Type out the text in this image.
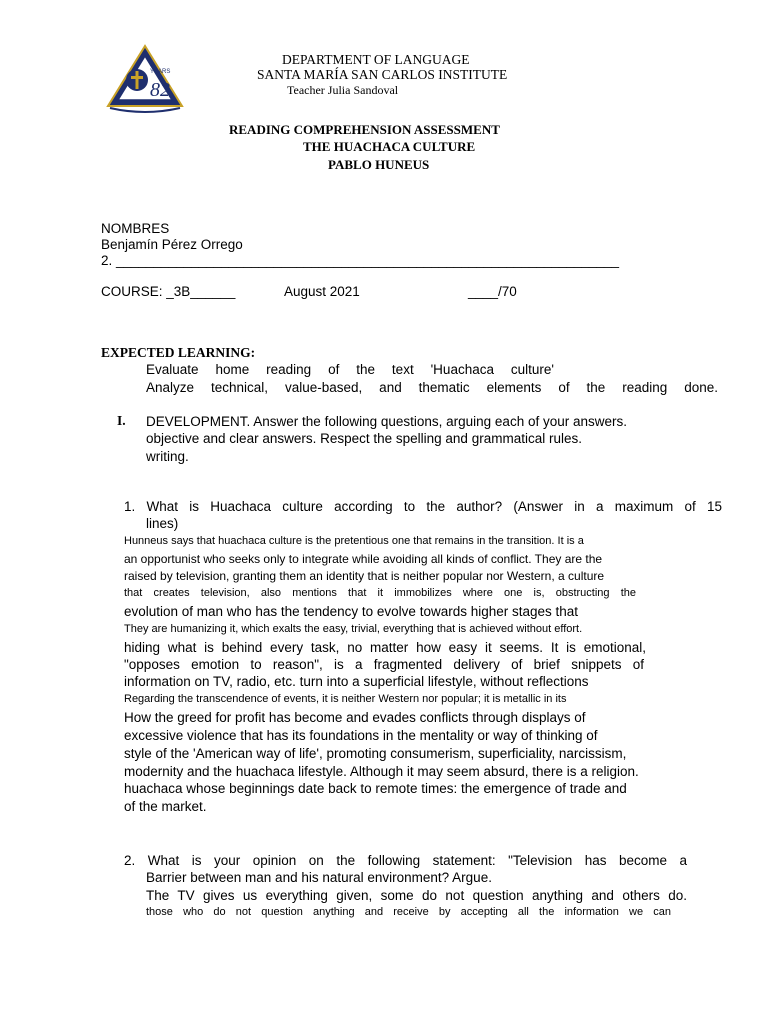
YEARS
82
DEPARTMENT OF LANGUAGE
SANTA MARÍA SAN CARLOS INSTITUTE
Teacher Julia Sandoval
READING COMPREHENSION ASSESSMENT
THE HUACHACA CULTURE
PABLO HUNEUS
NOMBRES
Benjamín Pérez Orrego
2. ___________________________________________________________________
COURSE: _3B______	August 2021	____/70
EXPECTED LEARNING:
Evaluate home reading of the text 'Huachaca culture'
Analyze technical, value-based, and thematic elements of the reading done.
I. DEVELOPMENT. Answer the following questions, arguing each of your answers.
objective and clear answers. Respect the spelling and grammatical rules.
writing.
1. What is Huachaca culture according to the author? (Answer in a maximum of 15
lines)
Hunneus says that huachaca culture is the pretentious one that remains in the transition. It is a
an opportunist who seeks only to integrate while avoiding all kinds of conflict. They are the
raised by television, granting them an identity that is neither popular nor Western, a culture
that creates television, also mentions that it immobilizes where one is, obstructing the
evolution of man who has the tendency to evolve towards higher stages that
They are humanizing it, which exalts the easy, trivial, everything that is achieved without effort.
hiding what is behind every task, no matter how easy it seems. It is emotional,
"opposes emotion to reason", is a fragmented delivery of brief snippets of
information on TV, radio, etc. turn into a superficial lifestyle, without reflections
Regarding the transcendence of events, it is neither Western nor popular; it is metallic in its
How the greed for profit has become and evades conflicts through displays of
excessive violence that has its foundations in the mentality or way of thinking of
style of the 'American way of life', promoting consumerism, superficiality, narcissism,
modernity and the huachaca lifestyle. Although it may seem absurd, there is a religion.
huachaca whose beginnings date back to remote times: the emergence of trade and
of the market.
2. What is your opinion on the following statement: "Television has become a
Barrier between man and his natural environment? Argue.
The TV gives us everything given, some do not question anything and others do.
those who do not question anything and receive by accepting all the information we can
